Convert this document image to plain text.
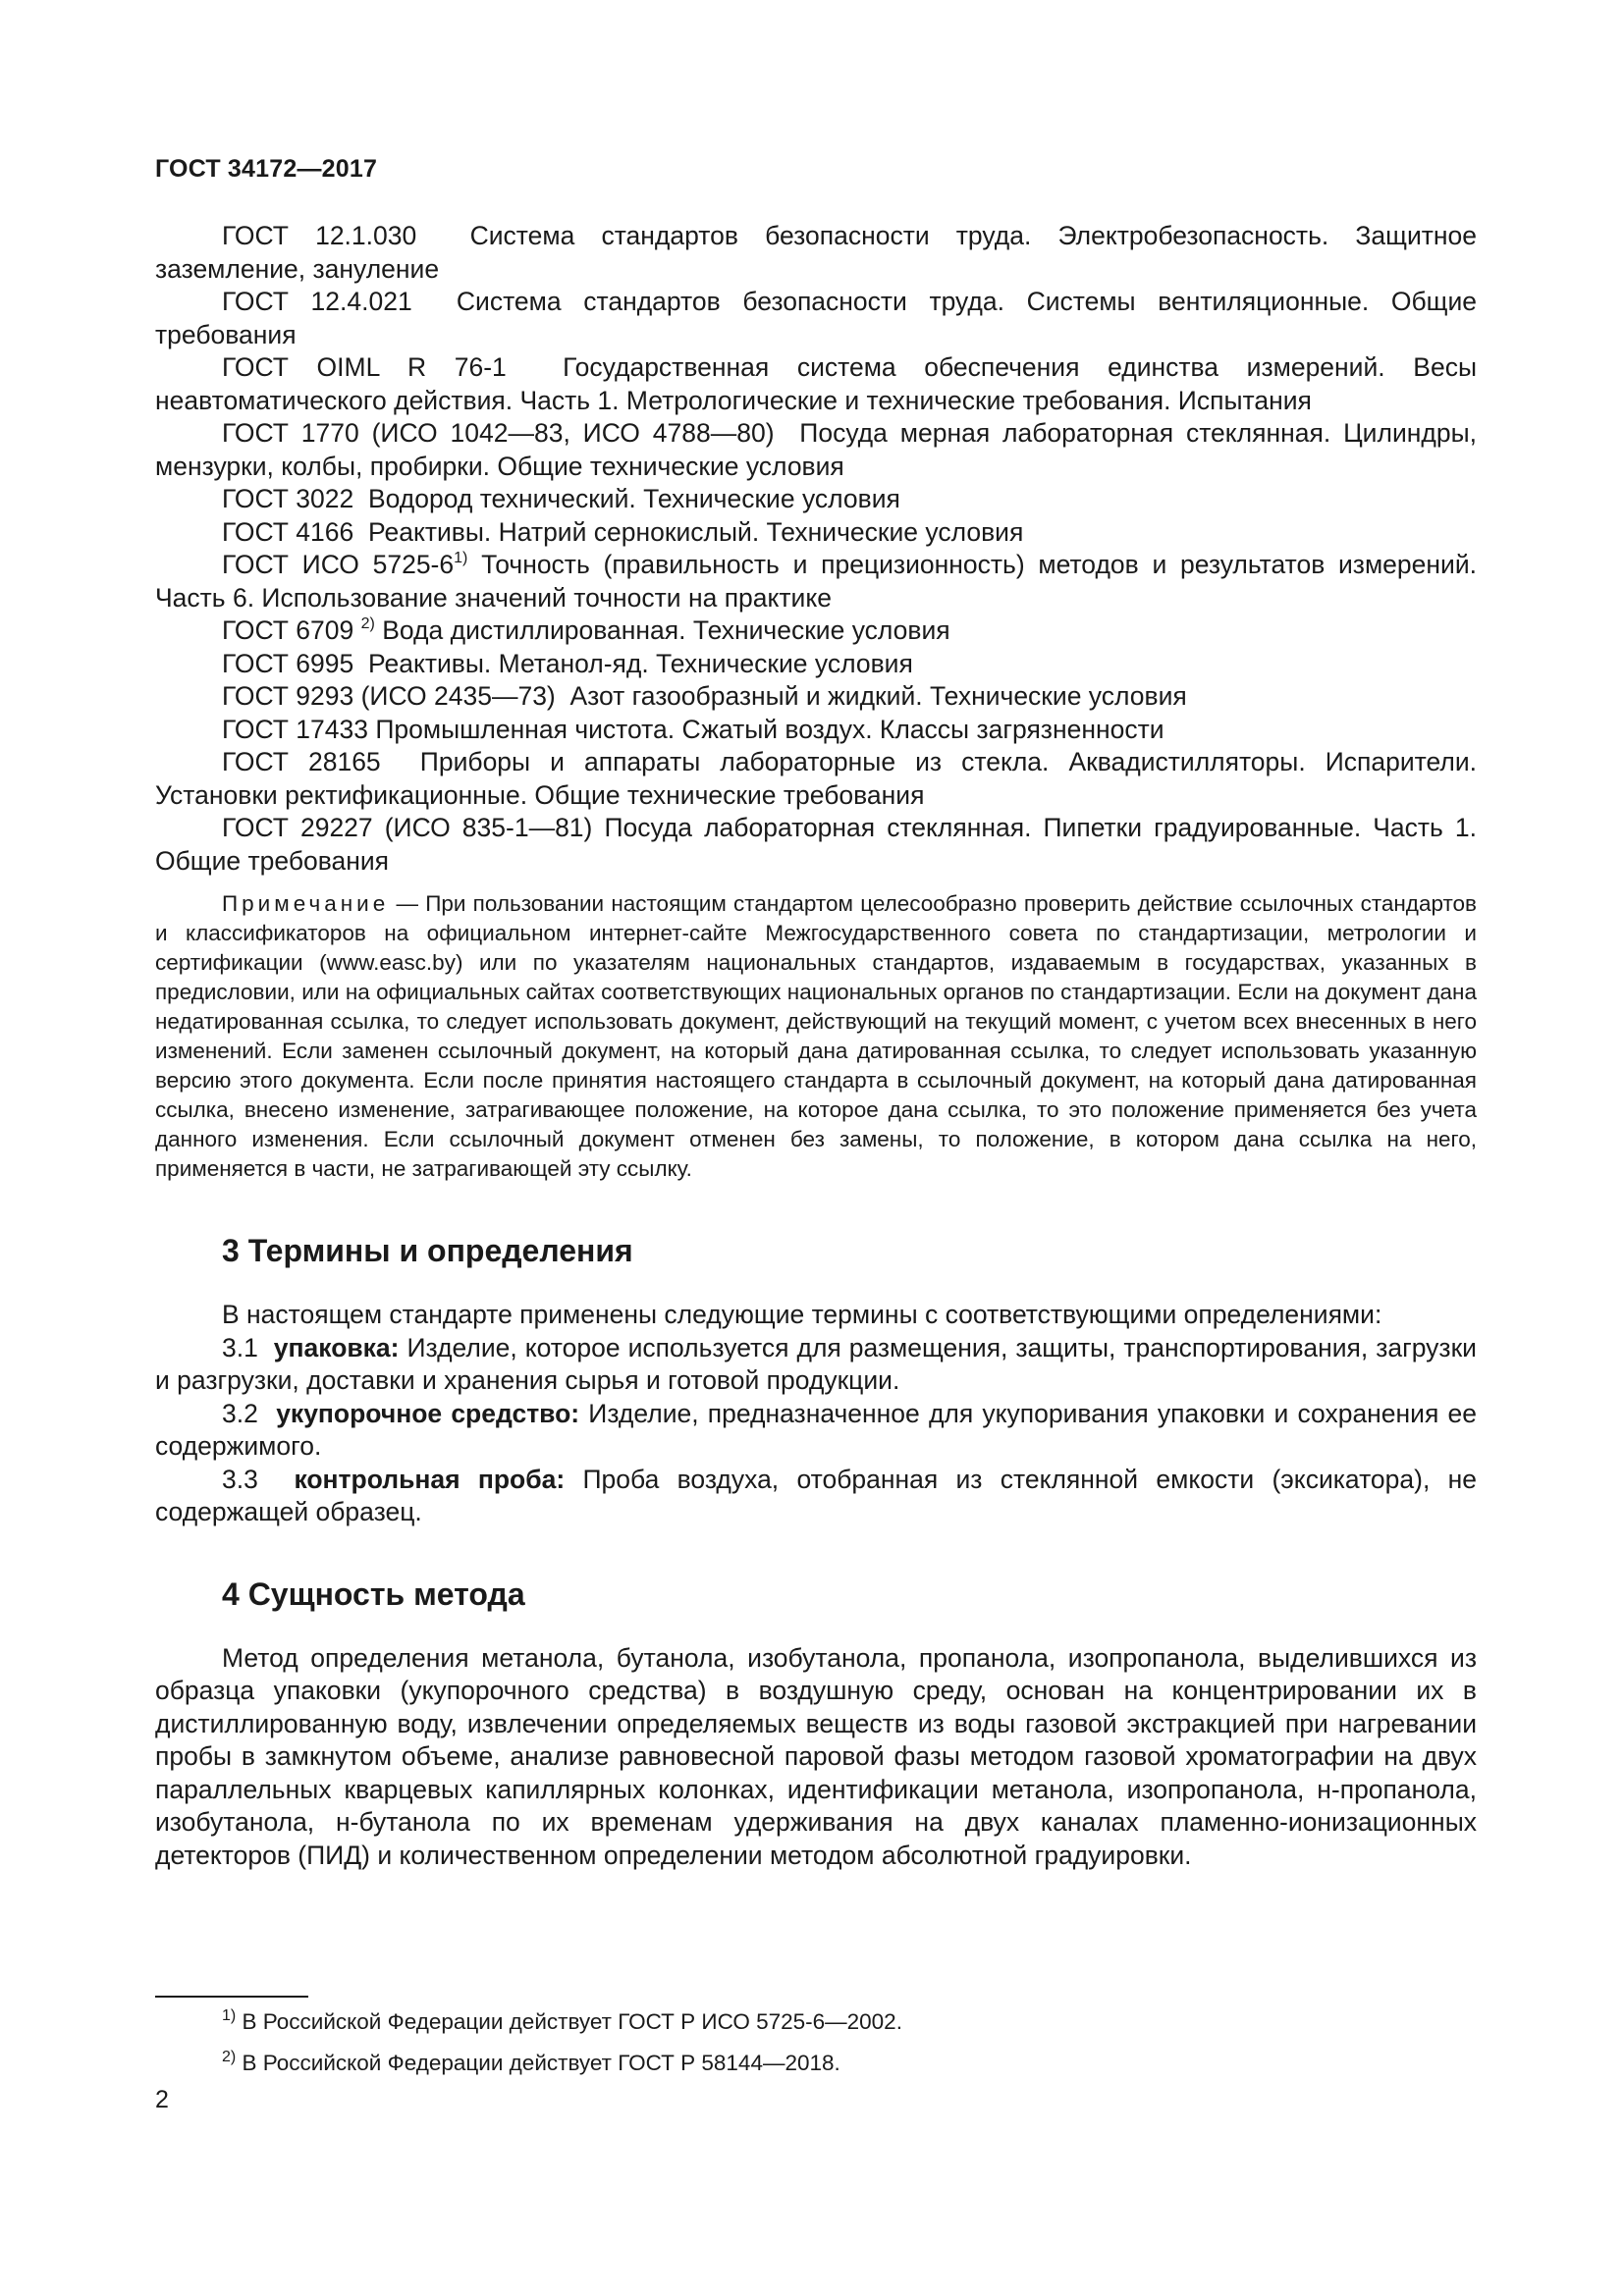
ГОСТ 34172—2017

ГОСТ 12.1.030 Система стандартов безопасности труда. Электробезопасность. Защитное заземление, зануление

ГОСТ 12.4.021 Система стандартов безопасности труда. Системы вентиляционные. Общие требования

ГОСТ OIML R 76-1 Государственная система обеспечения единства измерений. Весы неавтоматического действия. Часть 1. Метрологические и технические требования. Испытания

ГОСТ 1770 (ИСО 1042—83, ИСО 4788—80) Посуда мерная лабораторная стеклянная. Цилиндры, мензурки, колбы, пробирки. Общие технические условия

ГОСТ 3022 Водород технический. Технические условия

ГОСТ 4166 Реактивы. Натрий сернокислый. Технические условия

ГОСТ ИСО 5725-6$^{1)}$ Точность (правильность и прецизионность) методов и результатов измерений. Часть 6. Использование значений точности на практике

ГОСТ 6709 $^{2)}$ Вода дистиллированная. Технические условия

ГОСТ 6995 Реактивы. Метанол-яд. Технические условия

ГОСТ 9293 (ИСО 2435—73) Азот газообразный и жидкий. Технические условия

ГОСТ 17433 Промышленная чистота. Сжатый воздух. Классы загрязненности

ГОСТ 28165 Приборы и аппараты лабораторные из стекла. Аквадистилляторы. Испарители. Установки ректификационные. Общие технические требования

ГОСТ 29227 (ИСО 835-1—81) Посуда лабораторная стеклянная. Пипетки градуированные. Часть 1. Общие требования

Примечание — При пользовании настоящим стандартом целесообразно проверить действие ссылочных стандартов и классификаторов на официальном интернет-сайте Межгосударственного совета по стандартизации, метрологии и сертификации (www.easc.by) или по указателям национальных стандартов, издаваемым в государствах, указанных в предисловии, или на официальных сайтах соответствующих национальных органов по стандартизации. Если на документ дана недатированная ссылка, то следует использовать документ, действующий на текущий момент, с учетом всех внесенных в него изменений. Если заменен ссылочный документ, на который дана датированная ссылка, то следует использовать указанную версию этого документа. Если после принятия настоящего стандарта в ссылочный документ, на который дана датированная ссылка, внесено изменение, затрагивающее положение, на которое дана ссылка, то это положение применяется без учета данного изменения. Если ссылочный документ отменен без замены, то положение, в котором дана ссылка на него, применяется в части, не затрагивающей эту ссылку.

3 Термины и определения

В настоящем стандарте применены следующие термины с соответствующими определениями:

3.1 упаковка: Изделие, которое используется для размещения, защиты, транспортирования, загрузки и разгрузки, доставки и хранения сырья и готовой продукции.

3.2 укупорочное средство: Изделие, предназначенное для укупоривания упаковки и сохранения ее содержимого.

3.3 контрольная проба: Проба воздуха, отобранная из стеклянной емкости (эксикатора), не содержащей образец.

4 Сущность метода

Метод определения метанола, бутанола, изобутанола, пропанола, изопропанола, выделившихся из образца упаковки (укупорочного средства) в воздушную среду, основан на концентрировании их в дистиллированную воду, извлечении определяемых веществ из воды газовой экстракцией при нагревании пробы в замкнутом объеме, анализе равновесной паровой фазы методом газовой хроматографии на двух параллельных кварцевых капиллярных колонках, идентификации метанола, изопропанола, н-пропанола, изобутанола, н-бутанола по их временам удерживания на двух каналах пламенно-ионизационных детекторов (ПИД) и количественном определении методом абсолютной градуировки.

$^{1)}$ В Российской Федерации действует ГОСТ Р ИСО 5725-6—2002.

$^{2)}$ В Российской Федерации действует ГОСТ Р 58144—2018.

2
